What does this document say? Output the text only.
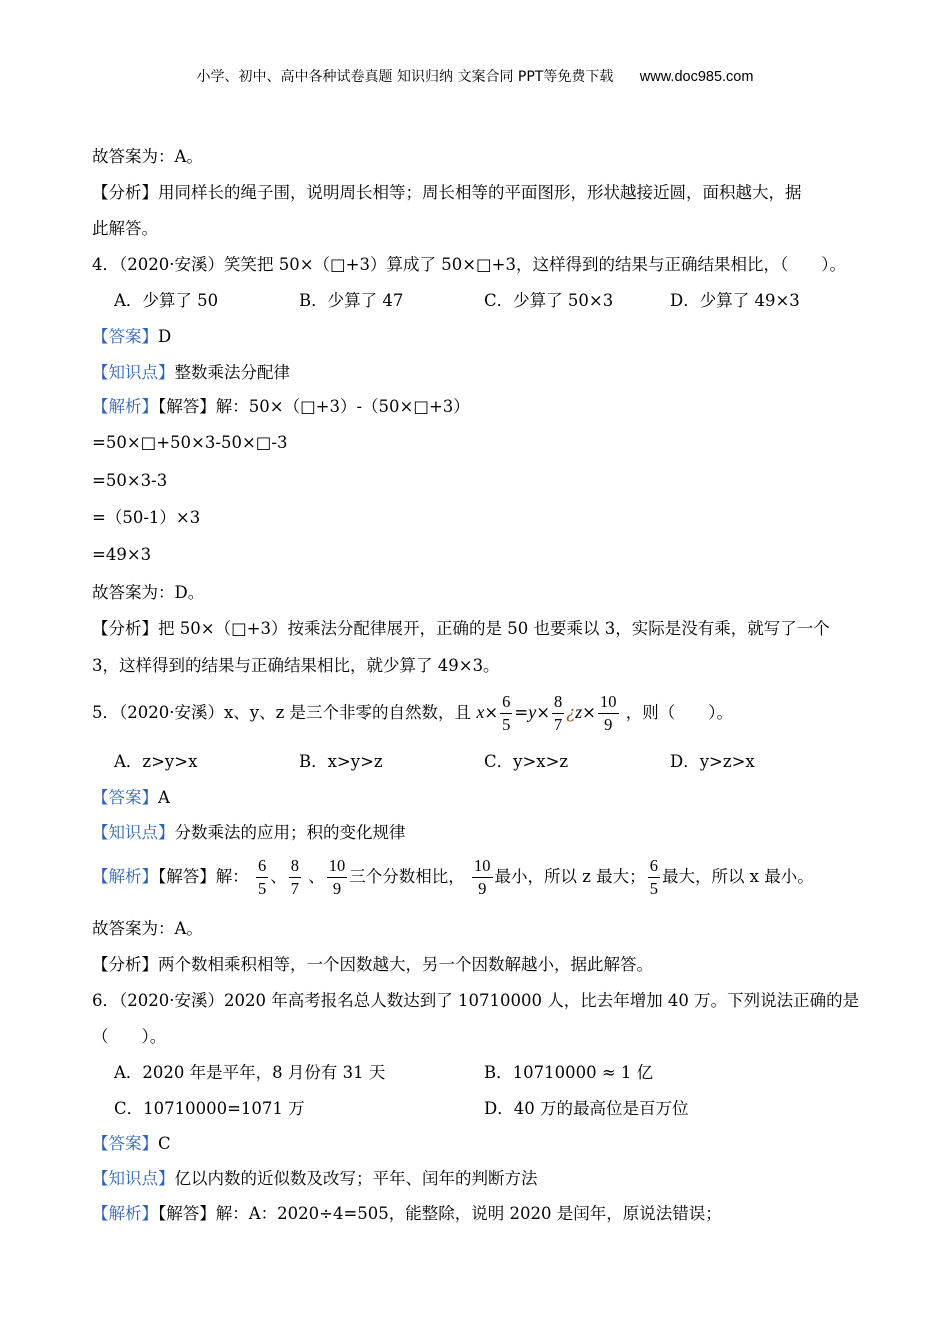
小学、初中、高中各种试卷真题 知识归纳 文案合同 PPT等免费下载 www.doc985.com
故答案为：A。
【分析】用同样长的绳子围，说明周长相等；周长相等的平面图形，形状越接近圆，面积越大，据
此解答。
4．（2020·安溪）笑笑把 50×（□+3）算成了 50×□+3，这样得到的结果与正确结果相比，（　　）。
A．少算了 50	B．少算了 47	C．少算了 50×3	D．少算了 49×3
【答案】D
【知识点】整数乘法分配律
【解析】【解答】解：50×（□+3）-（50×□+3）
=50×□+50×3-50×□-3
=50×3-3
=（50-1）×3
=49×3
故答案为：D。
【分析】把 50×（□+3）按乘法分配律展开，正确的是 50 也要乘以 3，实际是没有乘，就写了一个
3，这样得到的结果与正确结果相比，就少算了 49×3。
5．（2020·安溪）x、y、z 是三个非零的自然数，且 $x\times \frac{6}{5} =y\times \frac{8}{7}$ ¿$z\times \frac{10}{9}$ ，则（　　）。
A．z>y>x	B．x>y>z	C．y>x>z	D．y>z>x
【答案】A
【知识点】分数乘法的应用；积的变化规律
【解析】【解答】解： $\frac{6}{5}$ 、 $\frac{8}{7}$ 、 $\frac{10}{9}$ 三个分数相比， $\frac{10}{9}$ 最小，所以 z 最大； $\frac{6}{5}$ 最大，所以 x 最小。
故答案为：A。
【分析】两个数相乘积相等，一个因数越大，另一个因数解越小，据此解答。
6．（2020·安溪）2020 年高考报名总人数达到了 10710000 人，比去年增加 40 万。下列说法正确的是
（　　）。
A．2020 年是平年，8 月份有 31 天	B．10710000 ≈ 1 亿
C．10710000=1071 万	D．40 万的最高位是百万位
【答案】C
【知识点】亿以内数的近似数及改写；平年、闰年的判断方法
【解析】【解答】解：A：2020÷4=505，能整除，说明 2020 是闰年，原说法错误；
